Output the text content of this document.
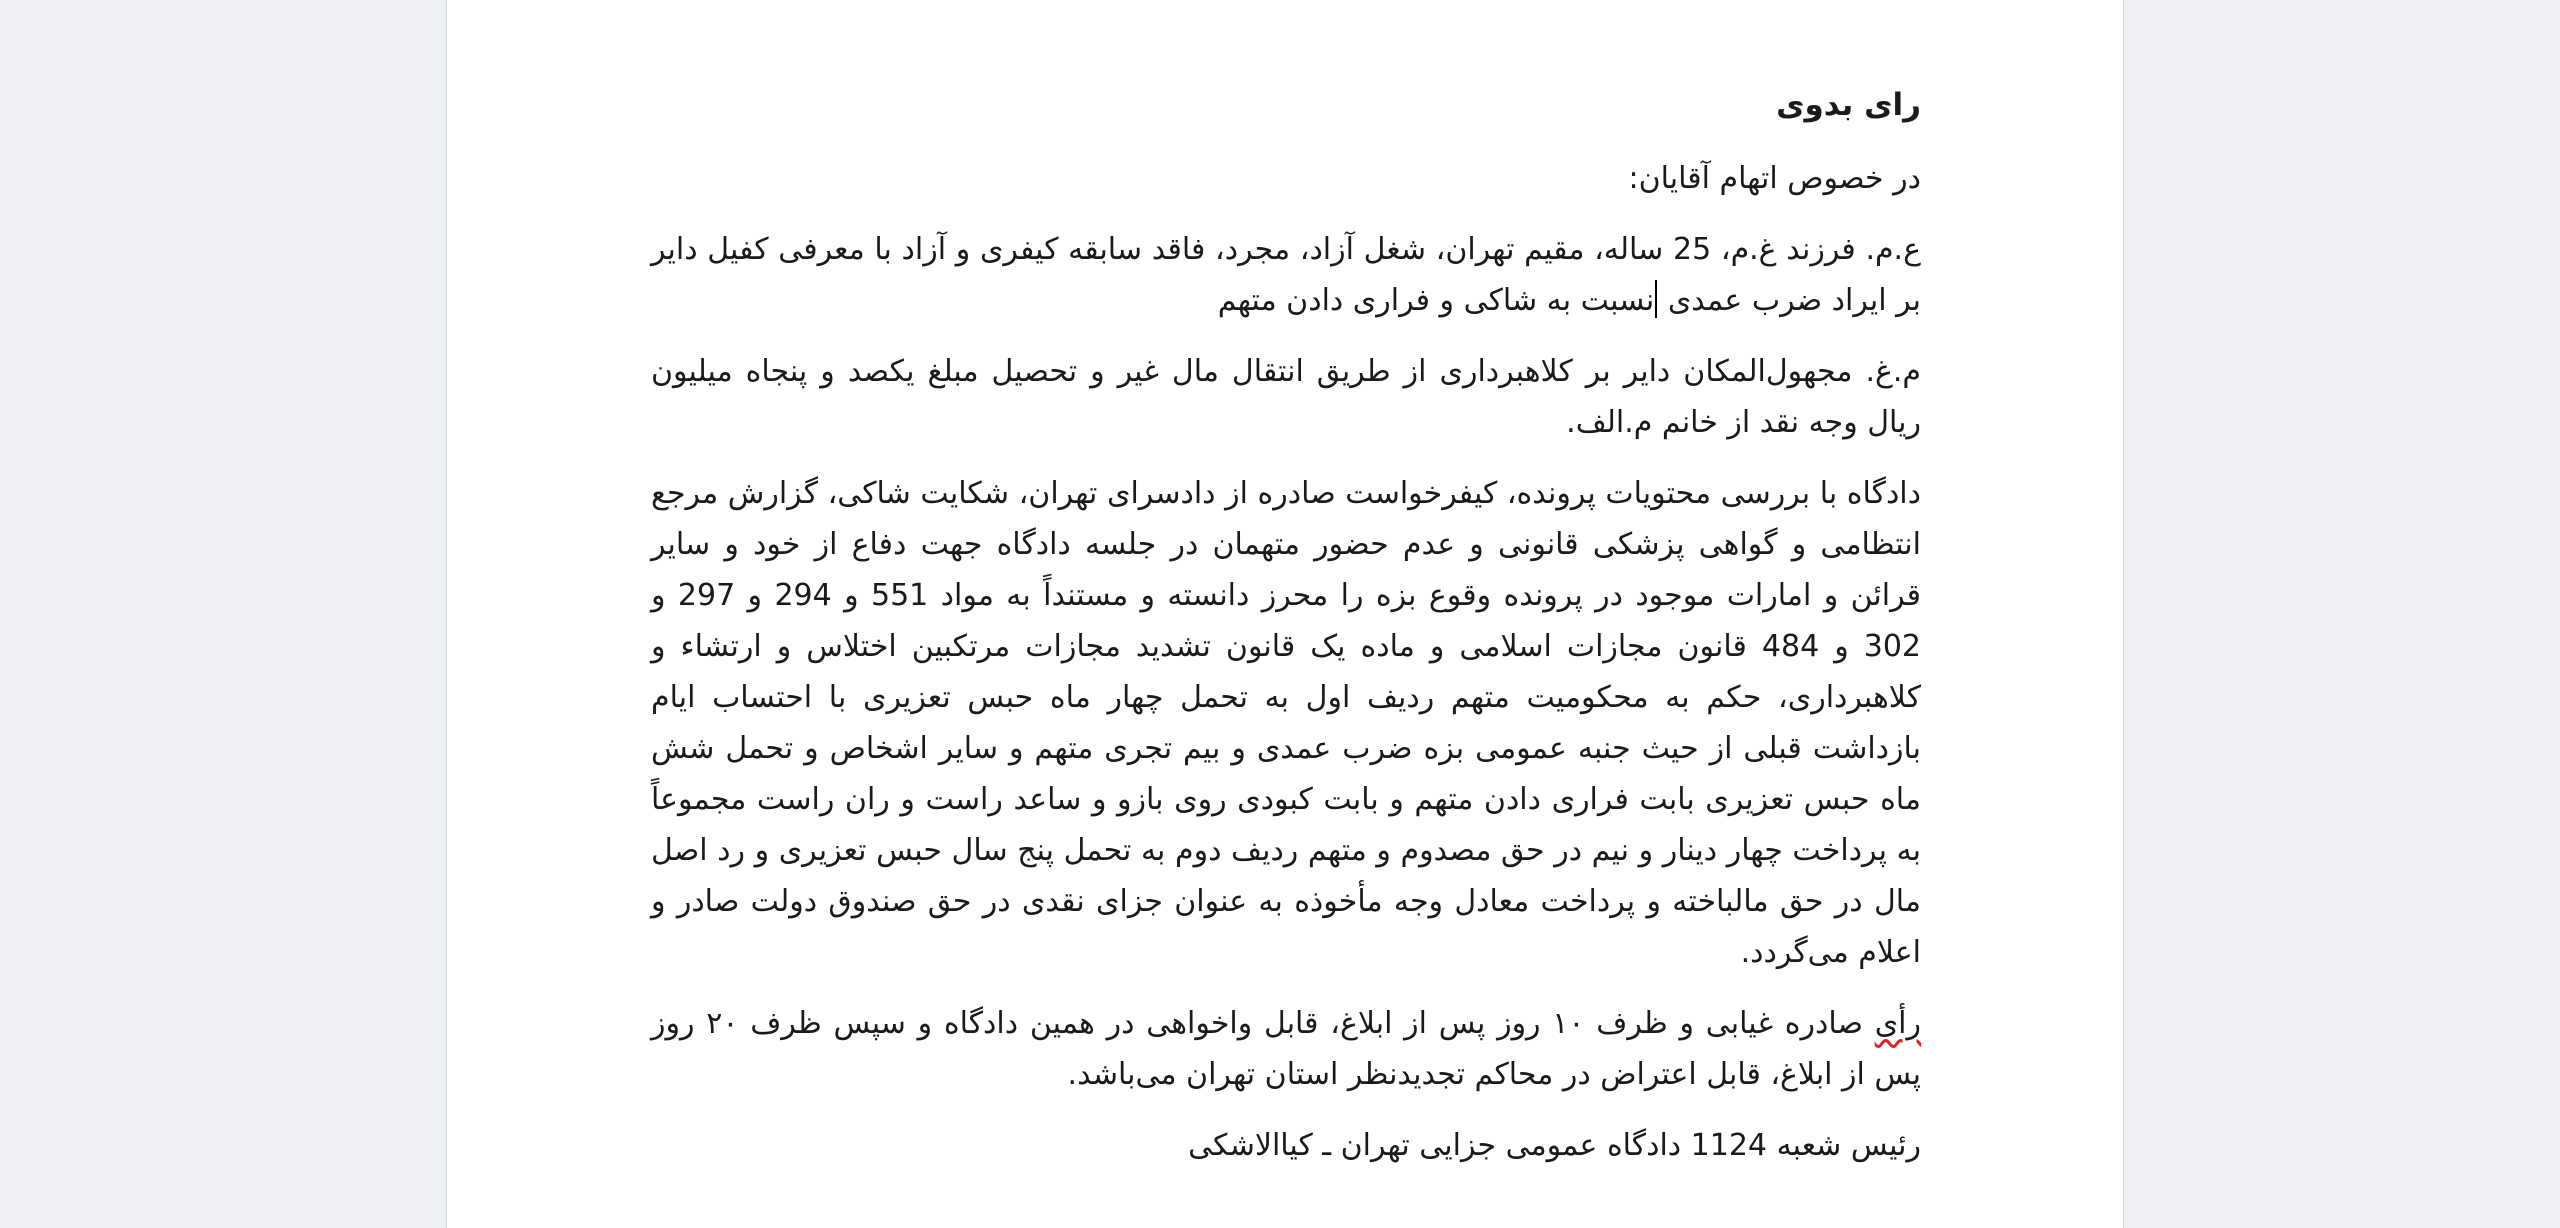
رای بدوی

در خصوص اتهام آقایان:

ع.م. فرزند غ.م، 25 ساله، مقیم تهران، شغل آزاد، مجرد، فاقد سابقه کیفری و آزاد با معرفی کفیل دایر بر ایراد ضرب عمدی نسبت به شاکی و فراری دادن متهم

م.غ. مجهول‌المکان دایر بر کلاهبرداری از طریق انتقال مال غیر و تحصیل مبلغ یکصد و پنجاه میلیون ریال وجه نقد از خانم م.الف.

دادگاه با بررسی محتویات پرونده، کیفرخواست صادره از دادسرای تهران، شکایت شاکی، گزارش مرجع انتظامی و گواهی پزشکی قانونی و عدم حضور متهمان در جلسه دادگاه جهت دفاع از خود و سایر قرائن و امارات موجود در پرونده وقوع بزه را محرز دانسته و مستنداً به مواد 551 و 294 و 297 و 302 و 484 قانون مجازات اسلامی و ماده یک قانون تشدید مجازات مرتکبین اختلاس و ارتشاء و کلاهبرداری، حکم به محکومیت متهم ردیف اول به تحمل چهار ماه حبس تعزیری با احتساب ایام بازداشت قبلی از حیث جنبه عمومی بزه ضرب عمدی و بیم تجری متهم و سایر اشخاص و تحمل شش ماه حبس تعزیری بابت فراری دادن متهم و بابت کبودی روی بازو و ساعد راست و ران راست مجموعاً به پرداخت چهار دینار و نیم در حق مصدوم و متهم ردیف دوم به تحمل پنج سال حبس تعزیری و رد اصل مال در حق مالباخته و پرداخت معادل وجه مأخوذه به عنوان جزای نقدی در حق صندوق دولت صادر و اعلام می‌گردد.

رأی صادره غیابی و ظرف ۱۰ روز پس از ابلاغ، قابل واخواهی در همین دادگاه و سپس ظرف ۲۰ روز پس از ابلاغ، قابل اعتراض در محاکم تجدیدنظر استان تهران می‌باشد.

رئیس شعبه 1124 دادگاه عمومی جزایی تهران ـ کیاالاشکی
